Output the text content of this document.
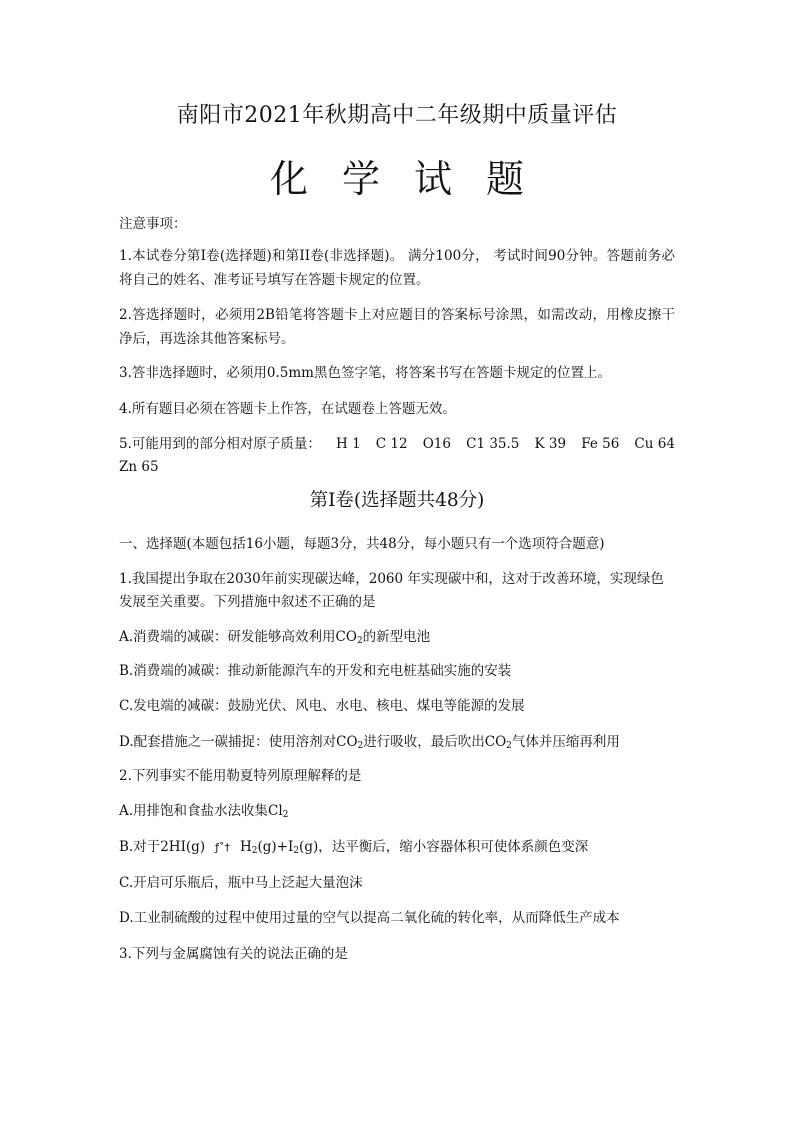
南阳市2021年秋期高中二年级期中质量评估
化学试题

注意事项：

1.本试卷分第I卷(选择题)和第II卷(非选择题)。 满分100分， 考试时间90分钟。答题前务必将自己的姓名、准考证号填写在答题卡规定的位置。

2.答选择题时，必须用2B铅笔将答题卡上对应题目的答案标号涂黑，如需改动，用橡皮擦干净后，再选涂其他答案标号。

3.答非选择题时，必须用0.5mm黑色签字笔，将答案书写在答题卡规定的位置上。

4.所有题目必须在答题卡上作答，在试题卷上答题无效。

5.可能用到的部分相对原子质量： H 1 C 12 O16 C1 35.5 K 39 Fe 56 Cu 64
Zn 65
第I卷(选择题共48分)

一、选择题(本题包括16小题，每题3分，共48分，每小题只有一个选项符合题意)

1.我国提出争取在2030年前实现碳达峰，2060 年实现碳中和，这对于改善环境，实现绿色

发展至关重要。下列措施中叙述不正确的是

A.消费端的减碳：研发能够高效利用$CO_2$的新型电池

B.消费端的减碳：推动新能源汽车的开发和充电桩基础实施的安装

C.发电端的减碳：鼓励光伏、风电、水电、核电、煤电等能源的发展

D.配套措施之一碳捕捉：使用溶剂对$CO_2$进行吸收，最后吹出$CO_2$气体并压缩再利用

2.下列事实不能用勒夏特列原理解释的是

A.用排饱和食盐水法收集$Cl_2$

B.对于2HI(g) ƒ˚† $H_2(g)+I_2(g)$，达平衡后，缩小容器体积可使体系颜色变深

C.开启可乐瓶后，瓶中马上泛起大量泡沫

D.工业制硫酸的过程中使用过量的空气以提高二氧化硫的转化率，从而降低生产成本

3.下列与金属腐蚀有关的说法正确的是
